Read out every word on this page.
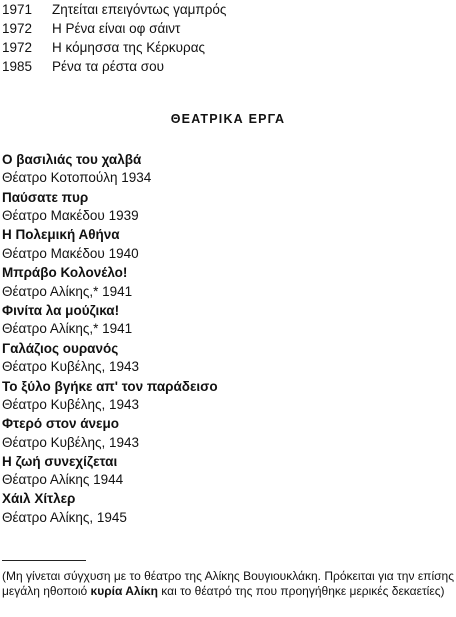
1971 Ζητείται επειγόντως γαμπρός
1972 Η Ρένα είναι οφ σάιντ
1972 Η κόμησσα της Κέρκυρας
1985 Ρένα τα ρέστα σου
ΘΕΑΤΡΙΚΑ ΕΡΓΑ
Ο βασιλιάς του χαλβά
Θέατρο Κοτοπούλη 1934
Παύσατε πυρ
Θέατρο Μακέδου 1939
Η Πολεμική Αθήνα
Θέατρο Μακέδου 1940
Μπράβο Κολονέλο!
Θέατρο Αλίκης,* 1941
Φινίτα λα μούζικα!
Θέατρο Αλίκης,* 1941
Γαλάζιος ουρανός
Θέατρο Κυβέλης, 1943
Το ξύλο βγήκε απ' τον παράδεισο
Θέατρο Κυβέλης, 1943
Φτερό στον άνεμο
Θέατρο Κυβέλης, 1943
Η ζωή συνεχίζεται
Θέατρο Αλίκης 1944
Χάιλ Χίτλερ
Θέατρο Αλίκης, 1945
(Μη γίνεται σύγχυση με το θέατρο της Αλίκης Βουγιουκλάκη. Πρόκειται για την επίσης μεγάλη ηθοποιό κυρία Αλίκη και το θέατρό της που προηγήθηκε μερικές δεκαετίες)
